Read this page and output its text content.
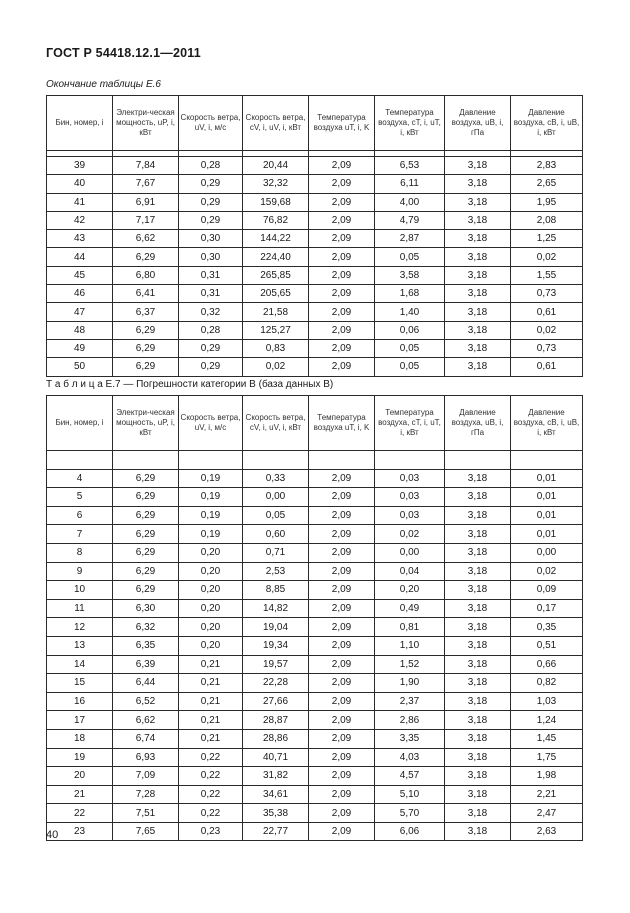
ГОСТ Р 54418.12.1—2011
Окончание таблицы Е.6
Бин, номер, i	Электри-ческая мощность, uP, i, кВт	Скорость ветра, uV, i, м/с	Скорость ветра, cV, i, uV, i, кВт	Температура воздуха uT, i, K	Температура воздуха, cT, i, uT, i, кВт	Давление воздуха, uB, i, гПа	Давление воздуха, cB, i, uB, i, кВт

39	7,84	0,28	20,44	2,09	6,53	3,18	2,83
40	7,67	0,29	32,32	2,09	6,11	3,18	2,65
41	6,91	0,29	159,68	2,09	4,00	3,18	1,95
42	7,17	0,29	76,82	2,09	4,79	3,18	2,08
43	6,62	0,30	144,22	2,09	2,87	3,18	1,25
44	6,29	0,30	224,40	2,09	0,05	3,18	0,02
45	6,80	0,31	265,85	2,09	3,58	3,18	1,55
46	6,41	0,31	205,65	2,09	1,68	3,18	0,73
47	6,37	0,32	21,58	2,09	1,40	3,18	0,61
48	6,29	0,28	125,27	2,09	0,06	3,18	0,02
49	6,29	0,29	0,83	2,09	0,05	3,18	0,73
50	6,29	0,29	0,02	2,09	0,05	3,18	0,61
Т а б л и ц а Е.7 — Погрешности категории В (база данных В)
Бин, номер, i	Электри-ческая мощность, uP, i, кВт	Скорость ветра, uV, i, м/с	Скорость ветра, cV, i, uV, i, кВт	Температура воздуха uT, i, K	Температура воздуха, cT, i, uT, i, кВт	Давление воздуха, uB, i, гПа	Давление воздуха, cB, i, uB, i, кВт

4	6,29	0,19	0,33	2,09	0,03	3,18	0,01
5	6,29	0,19	0,00	2,09	0,03	3,18	0,01
6	6,29	0,19	0,05	2,09	0,03	3,18	0,01
7	6,29	0,19	0,60	2,09	0,02	3,18	0,01
8	6,29	0,20	0,71	2,09	0,00	3,18	0,00
9	6,29	0,20	2,53	2,09	0,04	3,18	0,02
10	6,29	0,20	8,85	2,09	0,20	3,18	0,09
11	6,30	0,20	14,82	2,09	0,49	3,18	0,17
12	6,32	0,20	19,04	2,09	0,81	3,18	0,35
13	6,35	0,20	19,34	2,09	1,10	3,18	0,51
14	6,39	0,21	19,57	2,09	1,52	3,18	0,66
15	6,44	0,21	22,28	2,09	1,90	3,18	0,82
16	6,52	0,21	27,66	2,09	2,37	3,18	1,03
17	6,62	0,21	28,87	2,09	2,86	3,18	1,24
18	6,74	0,21	28,86	2,09	3,35	3,18	1,45
19	6,93	0,22	40,71	2,09	4,03	3,18	1,75
20	7,09	0,22	31,82	2,09	4,57	3,18	1,98
21	7,28	0,22	34,61	2,09	5,10	3,18	2,21
22	7,51	0,22	35,38	2,09	5,70	3,18	2,47
23	7,65	0,23	22,77	2,09	6,06	3,18	2,63
40
